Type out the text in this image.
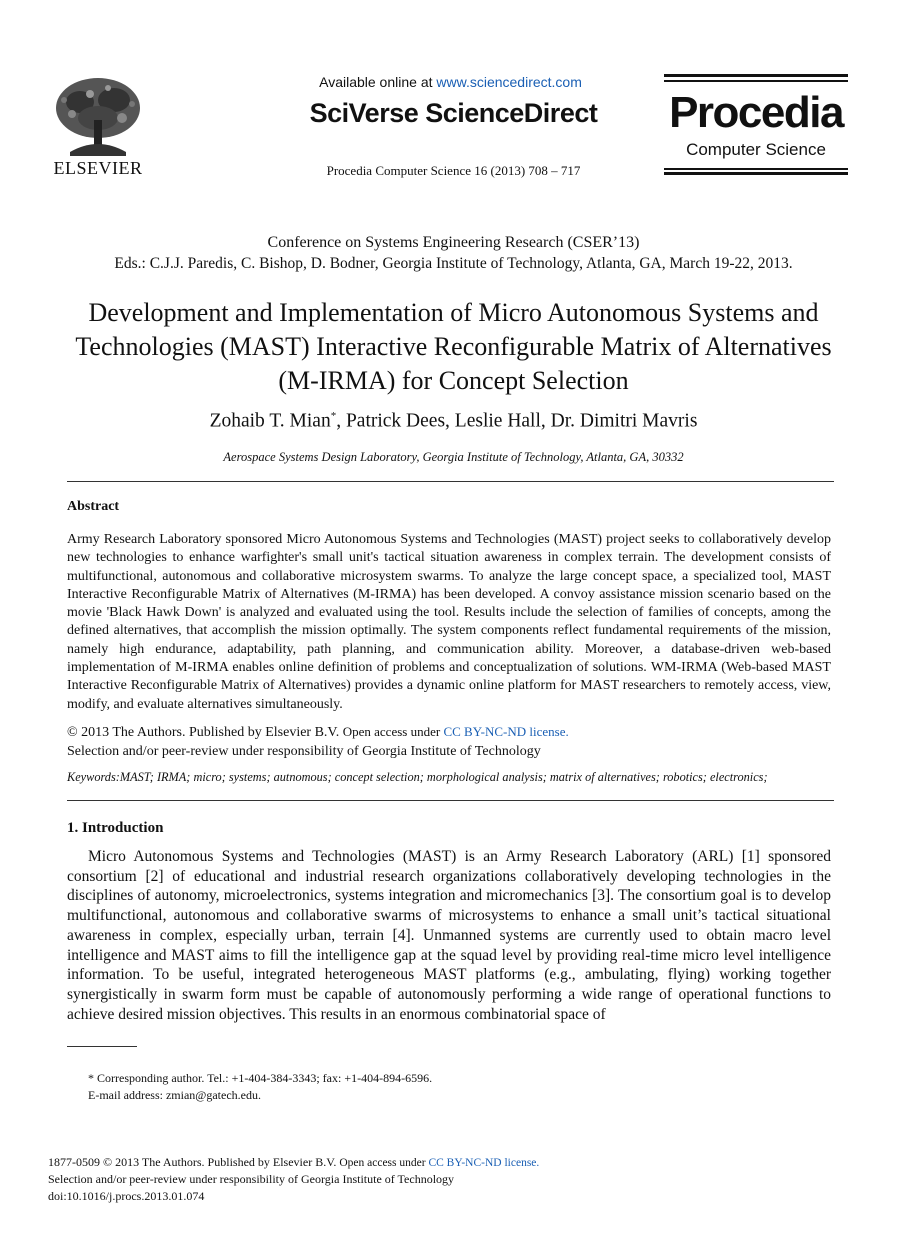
ELSEVIER
Available online at www.sciencedirect.com
SciVerse ScienceDirect
Procedia Computer Science 16 (2013) 708 – 717
Procedia
Computer Science
Conference on Systems Engineering Research (CSER’13)
Eds.: C.J.J. Paredis, C. Bishop, D. Bodner, Georgia Institute of Technology, Atlanta, GA, March 19-22, 2013.
Development and Implementation of Micro Autonomous Systems and Technologies (MAST) Interactive Reconfigurable Matrix of Alternatives (M-IRMA) for Concept Selection
Zohaib T. Mian*, Patrick Dees, Leslie Hall, Dr. Dimitri Mavris
Aerospace Systems Design Laboratory, Georgia Institute of Technology, Atlanta, GA, 30332
Abstract
Army Research Laboratory sponsored Micro Autonomous Systems and Technologies (MAST) project seeks to collaboratively develop new technologies to enhance warfighter's small unit's tactical situation awareness in complex terrain. The development consists of multifunctional, autonomous and collaborative microsystem swarms. To analyze the large concept space, a specialized tool, MAST Interactive Reconfigurable Matrix of Alternatives (M-IRMA) has been developed. A convoy assistance mission scenario based on the movie 'Black Hawk Down' is analyzed and evaluated using the tool. Results include the selection of families of concepts, among the defined alternatives, that accomplish the mission optimally. The system components reflect fundamental requirements of the mission, namely high endurance, adaptability, path planning, and communication ability. Moreover, a database-driven web-based implementation of M-IRMA enables online definition of problems and conceptualization of solutions. WM-IRMA (Web-based MAST Interactive Reconfigurable Matrix of Alternatives) provides a dynamic online platform for MAST researchers to remotely access, view, modify, and evaluate alternatives simultaneously.
© 2013 The Authors. Published by Elsevier B.V. Open access under CC BY-NC-ND license.
Selection and/or peer-review under responsibility of Georgia Institute of Technology
Keywords:MAST; IRMA; micro; systems; autnomous; concept selection; morphological analysis; matrix of alternatives; robotics; electronics;
1. Introduction
Micro Autonomous Systems and Technologies (MAST) is an Army Research Laboratory (ARL) [1] sponsored consortium [2] of educational and industrial research organizations collaboratively developing technologies in the disciplines of autonomy, microelectronics, systems integration and micromechanics [3]. The consortium goal is to develop multifunctional, autonomous and collaborative swarms of microsystems to enhance a small unit’s tactical situational awareness in complex, especially urban, terrain [4]. Unmanned systems are currently used to obtain macro level intelligence and MAST aims to fill the intelligence gap at the squad level by providing real-time micro level intelligence information. To be useful, integrated heterogeneous MAST platforms (e.g., ambulating, flying) working together synergistically in swarm form must be capable of autonomously performing a wide range of operational functions to achieve desired mission objectives. This results in an enormous combinatorial space of
* Corresponding author. Tel.: +1-404-384-3343; fax: +1-404-894-6596.
E-mail address: zmian@gatech.edu.
1877-0509 © 2013 The Authors. Published by Elsevier B.V. Open access under CC BY-NC-ND license.
Selection and/or peer-review under responsibility of Georgia Institute of Technology
doi:10.1016/j.procs.2013.01.074
